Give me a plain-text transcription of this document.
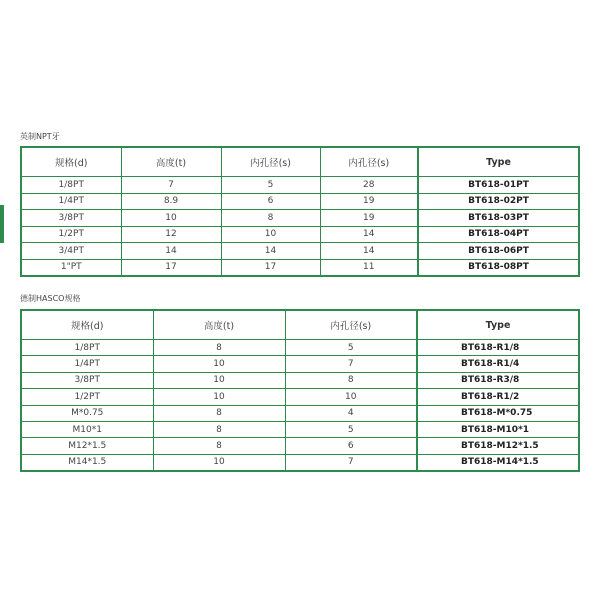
英制NPT牙
规格(d)	高度(t)	内孔径(s)	内孔径(s)	Type
1/8PT	7	5	28	BT618-01PT
1/4PT	8.9	6	19	BT618-02PT
3/8PT	10	8	19	BT618-03PT
1/2PT	12	10	14	BT618-04PT
3/4PT	14	14	14	BT618-06PT
1"PT	17	17	11	BT618-08PT
德制HASCO规格
规格(d)	高度(t)	内孔径(s)	Type
1/8PT	8	5	BT618-R1/8
1/4PT	10	7	BT618-R1/4
3/8PT	10	8	BT618-R3/8
1/2PT	10	10	BT618-R1/2
M*0.75	8	4	BT618-M*0.75
M10*1	8	5	BT618-M10*1
M12*1.5	8	6	BT618-M12*1.5
M14*1.5	10	7	BT618-M14*1.5
